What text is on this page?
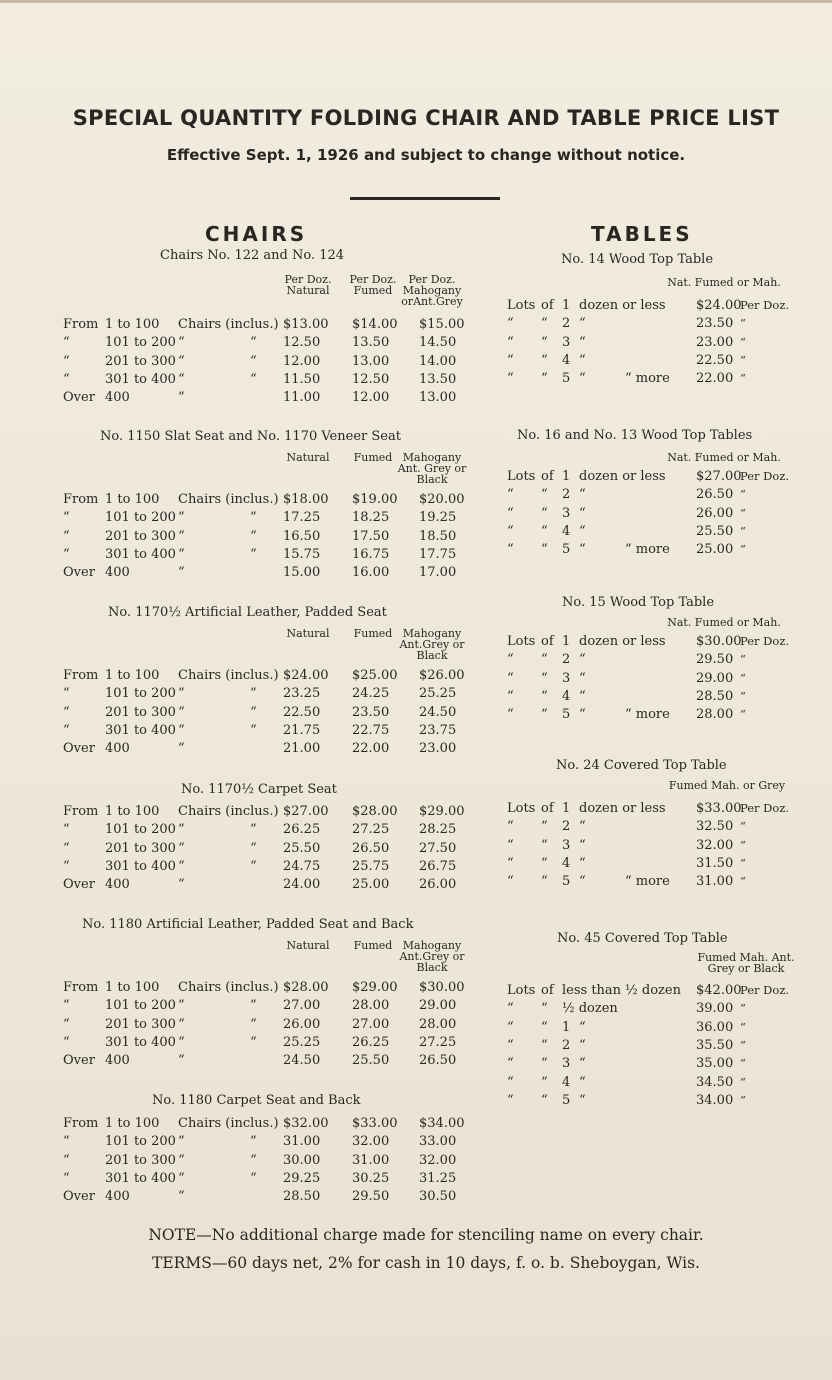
SPECIAL QUANTITY FOLDING CHAIR AND TABLE PRICE LIST
Effective Sept. 1, 1926 and subject to change without notice.
CHAIRS	TABLES
Chairs No. 122 and No. 124
Per Doz. Natural
Per Doz. Fumed
Per Doz. Mahogany orAnt.Grey
From 1 to 100 Chairs (inclus.) $13.00 $14.00 $15.00
“	101 to 200 “	“ 12.50 13.50 14.50
“	201 to 300 “	“ 12.00 13.00 14.00
“	301 to 400 “	“ 11.50 12.50 13.50
Over 400	“	11.00 12.00 13.00
No. 1150 Slat Seat and No. 1170 Veneer Seat
Natural	Fumed Mahogany Ant. Grey or Black
From 1 to 100 Chairs (inclus.) $18.00 $19.00 $20.00
“	101 to 200 “	“ 17.25 18.25 19.25
“	201 to 300 “	“ 16.50 17.50 18.50
“	301 to 400 “	“ 15.75 16.75 17.75
Over 400	“	15.00 16.00 17.00
No. 1170½ Artificial Leather, Padded Seat
Natural	Fumed Mahogany Ant.Grey or Black
From 1 to 100 Chairs (inclus.) $24.00 $25.00 $26.00
“	101 to 200 “	“ 23.25 24.25 25.25
“	201 to 300 “	“ 22.50 23.50 24.50
“	301 to 400 “	“ 21.75 22.75 23.75
Over 400	“	21.00 22.00 23.00
No. 1170½ Carpet Seat
From 1 to 100 Chairs (inclus.) $27.00 $28.00 $29.00
“	101 to 200 “	“ 26.25 27.25 28.25
“	201 to 300 “	“ 25.50 26.50 27.50
“	301 to 400 “	“ 24.75 25.75 26.75
Over 400	“	24.00 25.00 26.00
No. 1180 Artificial Leather, Padded Seat and Back
Natural	Fumed Mahogany Ant.Grey or Black
From 1 to 100 Chairs (inclus.) $28.00 $29.00 $30.00
“	101 to 200 “	“ 27.00 28.00 29.00
“	201 to 300 “	“ 26.00 27.00 28.00
“	301 to 400 “	“ 25.25 26.25 27.25
Over 400	“	24.50 25.50 26.50
No. 1180 Carpet Seat and Back
From 1 to 100 Chairs (inclus.) $32.00 $33.00 $34.00
“	101 to 200 “	“ 31.00 32.00 33.00
“	201 to 300 “	“ 30.00 31.00 32.00
“	301 to 400 “	“ 29.25 30.25 31.25
Over 400	“	28.50 29.50 30.50
No. 14 Wood Top Table
Nat. Fumed or Mah.
Lots of 1 dozen or less $24.00
Per Doz.
“ “ 2 “	23.50 “
“ “ 3 “	23.00 “
“ “ 4 “	22.50 “
“ “ 5 “	“ more 22.00 “
No. 16 and No. 13 Wood Top Tables
Nat. Fumed or Mah.
Lots of 1 dozen or less $27.00
Per Doz.
“ “ 2 “	26.50 “
“ “ 3 “	26.00 “
“ “ 4 “	25.50 “
“ “ 5 “	“ more 25.00 “
No. 15 Wood Top Table
Nat. Fumed or Mah.
Lots of 1 dozen or less $30.00
Per Doz.
“ “ 2 “	29.50 “
“ “ 3 “	29.00 “
“ “ 4 “	28.50 “
“ “ 5 “	“ more 28.00 “
No. 24 Covered Top Table
Fumed Mah. or Grey
Lots of 1 dozen or less $33.00
Per Doz.
“ “ 2 “	32.50 “
“ “ 3 “	32.00 “
“ “ 4 “	31.50 “
“ “ 5 “	“ more 31.00 “
No. 45 Covered Top Table
Fumed Mah. Ant. Grey or Black
Lots of less than ½ dozen $42.00
Per Doz.
“ “ ½ dozen	39.00 “
“ “ 1 “	36.00 “
“ “ 2 “	35.50 “
“ “ 3 “	35.00 “
“ “ 4 “	34.50 “
“ “ 5 “	34.00 “
NOTE—No additional charge made for stenciling name on every chair.
TERMS—60 days net, 2% for cash in 10 days, f. o. b. Sheboygan, Wis.
